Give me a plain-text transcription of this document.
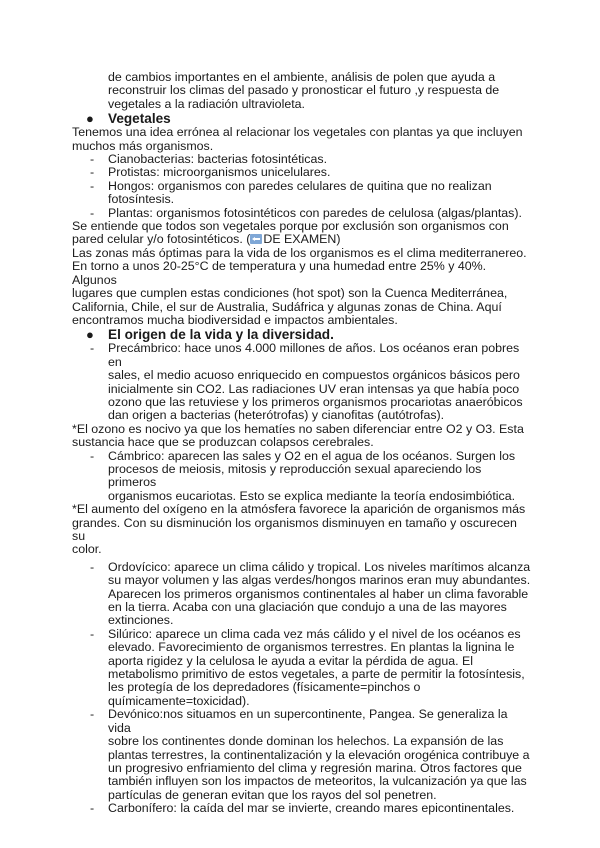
de cambios importantes en el ambiente, análisis de polen que ayuda a

reconstruir los climas del pasado y pronosticar el futuro ,y respuesta de

vegetales a la radiación ultravioleta.

● Vegetales

Tenemos una idea errónea al relacionar los vegetales con plantas ya que incluyen

muchos más organismos.

- Cianobacterias: bacterias fotosintéticas.

- Protistas: microorganismos unicelulares.

- Hongos: organismos con paredes celulares de quitina que no realizan

fotosíntesis.

- Plantas: organismos fotosintéticos con paredes de celulosa (algas/plantas).

Se entiende que todos son vegetales porque por exclusión son organismos con

pared celular y/o fotosintéticos. ( DE EXAMEN)

Las zonas más óptimas para la vida de los organismos es el clima mediterranereo.

En torno a unos 20-25°C de temperatura y una humedad entre 25% y 40%. Algunos

lugares que cumplen estas condiciones (hot spot) son la Cuenca Mediterránea,

California, Chile, el sur de Australia, Sudáfrica y algunas zonas de China. Aquí

encontramos mucha biodiversidad e impactos ambientales.

● El origen de la vida y la diversidad.
- Precámbrico: hace unos 4.000 millones de años. Los océanos eran pobres en

sales, el medio acuoso enriquecido en compuestos orgánicos básicos pero

inicialmente sin CO2. Las radiaciones UV eran intensas ya que había poco

ozono que las retuviese y los primeros organismos procariotas anaeróbicos

dan origen a bacterias (heterótrofas) y cianofitas (autótrofas).

*El ozono es nocivo ya que los hematíes no saben diferenciar entre O2 y O3. Esta

sustancia hace que se produzcan colapsos cerebrales.

- Cámbrico: aparecen las sales y O2 en el agua de los océanos. Surgen los

procesos de meiosis, mitosis y reproducción sexual apareciendo los primeros

organismos eucariotas. Esto se explica mediante la teoría endosimbiótica.

*El aumento del oxígeno en la atmósfera favorece la aparición de organismos más

grandes. Con su disminución los organismos disminuyen en tamaño y oscurecen su

color.

- Ordovícico: aparece un clima cálido y tropical. Los niveles marítimos alcanza

su mayor volumen y las algas verdes/hongos marinos eran muy abundantes.

Aparecen los primeros organismos continentales al haber un clima favorable

en la tierra. Acaba con una glaciación que condujo a una de las mayores

extinciones.

- Silúrico: aparece un clima cada vez más cálido y el nivel de los océanos es

elevado. Favorecimiento de organismos terrestres. En plantas la lignina le

aporta rigidez y la celulosa le ayuda a evitar la pérdida de agua. El

metabolismo primitivo de estos vegetales, a parte de permitir la fotosíntesis,

les protegía de los depredadores (físicamente=pinchos o

químicamente=toxicidad).

- Devónico:nos situamos en un supercontinente, Pangea. Se generaliza la vida

sobre los continentes donde dominan los helechos. La expansión de las

plantas terrestres, la continentalización y la elevación orogénica contribuye a

un progresivo enfriamiento del clima y regresión marina. Otros factores que

también influyen son los impactos de meteoritos, la vulcanización ya que las

partículas de generan evitan que los rayos del sol penetren.

- Carbonífero: la caída del mar se invierte, creando mares epicontinentales.
